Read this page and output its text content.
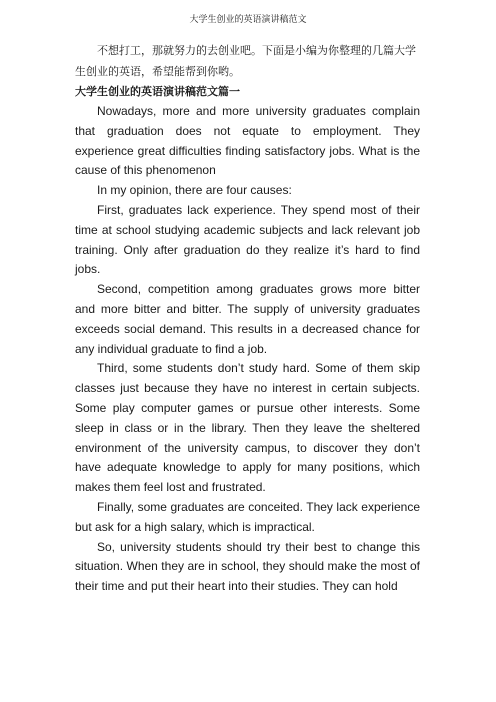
大学生创业的英语演讲稿范文

不想打工，那就努力的去创业吧。下面是小编为你整理的几篇大学生创业的英语，希望能帮到你哟。

大学生创业的英语演讲稿范文篇一

Nowadays, more and more university graduates complain that graduation does not equate to employment. They experience great difficulties finding satisfactory jobs. What is the cause of this phenomenon

In my opinion, there are four causes:

First, graduates lack experience. They spend most of their time at school studying academic subjects and lack relevant job training. Only after graduation do they realize it’s hard to find jobs.

Second, competition among graduates grows more bitter and more bitter and bitter. The supply of university graduates exceeds social demand. This results in a decreased chance for any individual graduate to find a job.

Third, some students don’t study hard. Some of them skip classes just because they have no interest in certain subjects. Some play computer games or pursue other interests. Some sleep in class or in the library. Then they leave the sheltered environment of the university campus, to discover they don’t have adequate knowledge to apply for many positions, which makes them feel lost and frustrated.

Finally, some graduates are conceited. They lack experience but ask for a high salary, which is impractical.

So, university students should try their best to change this situation. When they are in school, they should make the most of their time and put their heart into their studies. They can hold
